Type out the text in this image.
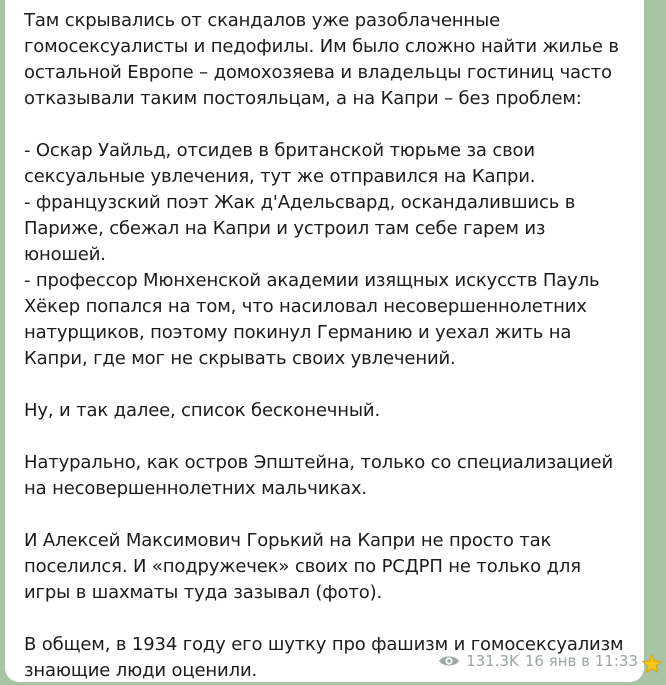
Там скрывались от скандалов уже разоблаченные гомосексуалисты и педофилы. Им было сложно найти жилье в остальной Европе – домохозяева и владельцы гостиниц часто отказывали таким постояльцам, а на Капри – без проблем:
- Оскар Уайльд, отсидев в британской тюрьме за свои сексуальные увлечения, тут же отправился на Капри.
- французский поэт Жак д'Адельсвард, оскандалившись в Париже, сбежал на Капри и устроил там себе гарем из юношей.
- профессор Мюнхенской академии изящных искусств Пауль Хёкер попался на том, что насиловал несовершеннолетних натурщиков, поэтому покинул Германию и уехал жить на Капри, где мог не скрывать своих увлечений.
Ну, и так далее, список бесконечный.
Натурально, как остров Эпштейна, только со специализацией на несовершеннолетних мальчиках.
И Алексей Максимович Горький на Капри не просто так поселился. И «подружечек» своих по РСДРП не только для игры в шахматы туда зазывал (фото).
В общем, в 1934 году его шутку про фашизм и гомосексуализм знающие люди оценили.	131.3K 16 янв в 11:33
